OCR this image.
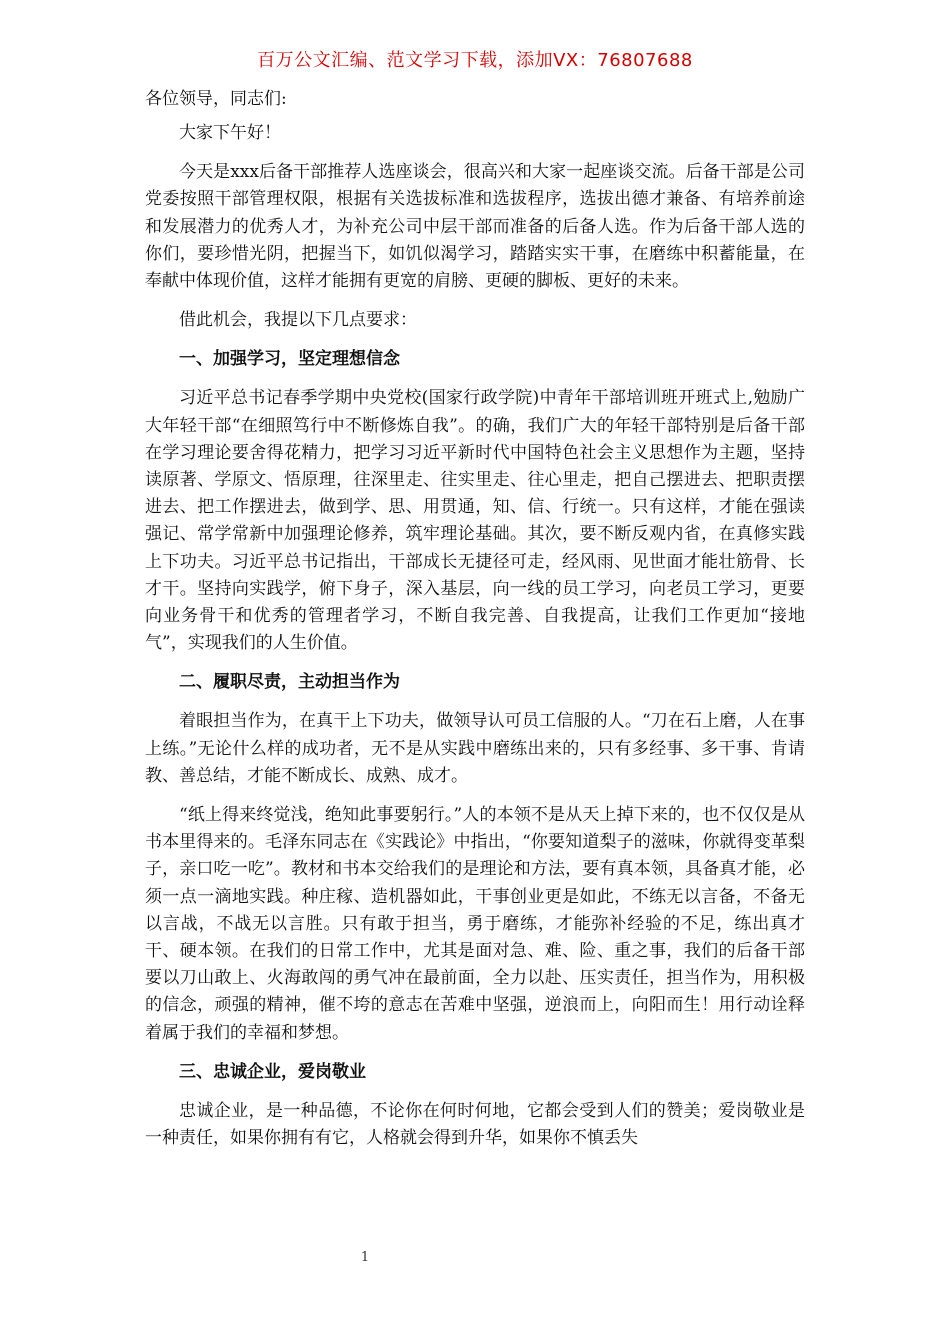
百万公文汇编、范文学习下载，添加VX：76807688
各位领导，同志们:

大家下午好！

今天是xxx后备干部推荐人选座谈会，很高兴和大家一起座谈交流。后备干部是公司党委按照干部管理权限，根据有关选拔标准和选拔程序，选拔出德才兼备、有培养前途和发展潜力的优秀人才，为补充公司中层干部而准备的后备人选。作为后备干部人选的你们，要珍惜光阴，把握当下，如饥似渴学习，踏踏实实干事，在磨练中积蓄能量，在奉献中体现价值，这样才能拥有更宽的肩膀、更硬的脚板、更好的未来。

借此机会，我提以下几点要求：

一、加强学习，坚定理想信念

习近平总书记春季学期中央党校(国家行政学院)中青年干部培训班开班式上,勉励广大年轻干部“在细照笃行中不断修炼自我”。的确，我们广大的年轻干部特别是后备干部在学习理论要舍得花精力，把学习习近平新时代中国特色社会主义思想作为主题，坚持读原著、学原文、悟原理，往深里走、往实里走、往心里走，把自己摆进去、把职责摆进去、把工作摆进去，做到学、思、用贯通，知、信、行统一。只有这样，才能在强读强记、常学常新中加强理论修养，筑牢理论基础。其次，要不断反观内省，在真修实践上下功夫。习近平总书记指出，干部成长无捷径可走，经风雨、见世面才能壮筋骨、长才干。坚持向实践学，俯下身子，深入基层，向一线的员工学习，向老员工学习，更要向业务骨干和优秀的管理者学习，不断自我完善、自我提高，让我们工作更加“接地气”，实现我们的人生价值。

二、履职尽责，主动担当作为

着眼担当作为，在真干上下功夫，做领导认可员工信服的人。“刀在石上磨，人在事上练。”无论什么样的成功者，无不是从实践中磨练出来的，只有多经事、多干事、肯请教、善总结，才能不断成长、成熟、成才。

“纸上得来终觉浅，绝知此事要躬行。”人的本领不是从天上掉下来的，也不仅仅是从书本里得来的。毛泽东同志在《实践论》中指出，“你要知道梨子的滋味，你就得变革梨子，亲口吃一吃”。教材和书本交给我们的是理论和方法，要有真本领，具备真才能，必须一点一滴地实践。种庄稼、造机器如此，干事创业更是如此，不练无以言备，不备无以言战，不战无以言胜。只有敢于担当，勇于磨练，才能弥补经验的不足，练出真才干、硬本领。在我们的日常工作中，尤其是面对急、难、险、重之事，我们的后备干部要以刀山敢上、火海敢闯的勇气冲在最前面，全力以赴、压实责任，担当作为，用积极的信念，顽强的精神，催不垮的意志在苦难中坚强，逆浪而上，向阳而生！用行动诠释着属于我们的幸福和梦想。

三、忠诚企业，爱岗敬业

忠诚企业，是一种品德，不论你在何时何地，它都会受到人们的赞美；爱岗敬业是一种责任，如果你拥有有它，人格就会得到升华，如果你不慎丢失

1
